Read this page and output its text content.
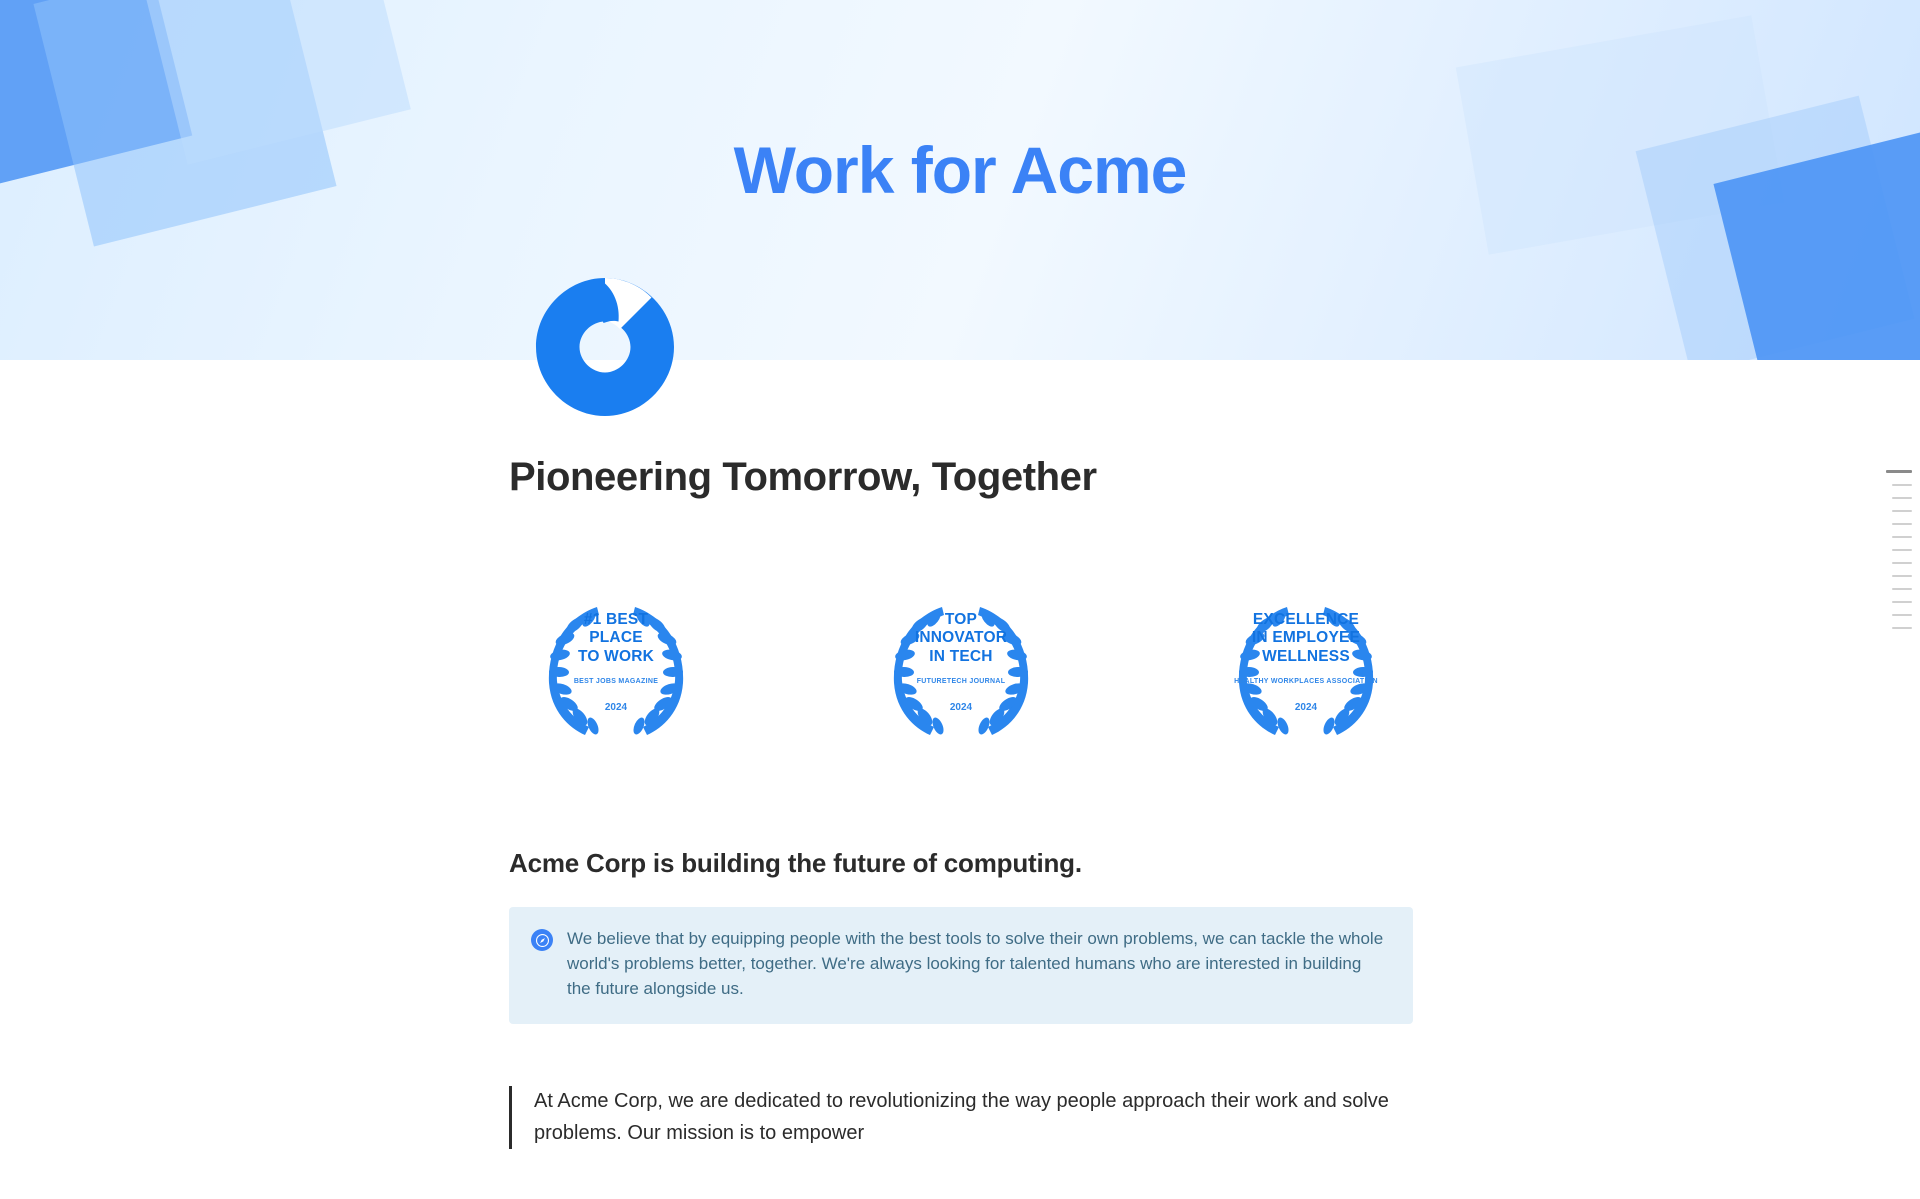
Work for Acme
Pioneering Tomorrow, Together
#1 BEST
PLACE
TO WORK
BEST JOBS MAGAZINE
2024
TOP
INNOVATOR
IN TECH
FUTURETECH JOURNAL
2024
EXCELLENCE
IN EMPLOYEE
WELLNESS
HEALTHY WORKPLACES ASSOCIATION
2024
Acme Corp is building the future of computing.
We believe that by equipping people with the best tools to solve their own problems, we can tackle the whole world's problems better, together. We're always looking for talented humans who are interested in building the future alongside us.

At Acme Corp, we are dedicated to revolutionizing the way people approach their work and solve problems. Our mission is to empower
